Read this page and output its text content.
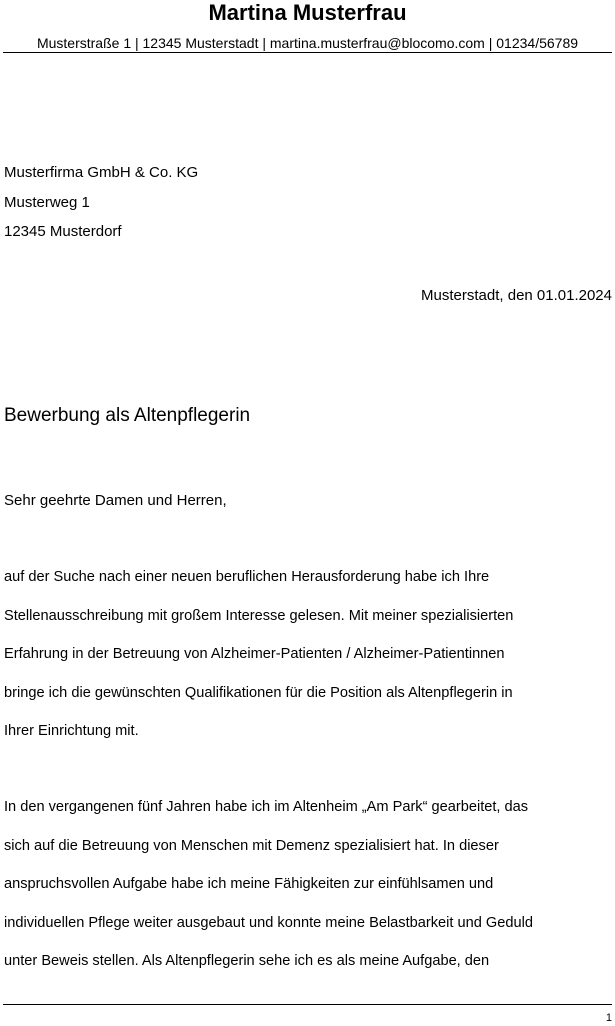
Martina Musterfrau
Musterstraße 1 | 12345 Musterstadt | martina.musterfrau@blocomo.com | 01234/56789
Musterfirma GmbH & Co. KG
Musterweg 1
12345 Musterdorf
Musterstadt, den 01.01.2024
Bewerbung als Altenpflegerin
Sehr geehrte Damen und Herren,
auf der Suche nach einer neuen beruflichen Herausforderung habe ich Ihre
Stellenausschreibung mit großem Interesse gelesen. Mit meiner spezialisierten
Erfahrung in der Betreuung von Alzheimer-Patienten / Alzheimer-Patientinnen
bringe ich die gewünschten Qualifikationen für die Position als Altenpflegerin in
Ihrer Einrichtung mit.
In den vergangenen fünf Jahren habe ich im Altenheim „Am Park“ gearbeitet, das
sich auf die Betreuung von Menschen mit Demenz spezialisiert hat. In dieser
anspruchsvollen Aufgabe habe ich meine Fähigkeiten zur einfühlsamen und
individuellen Pflege weiter ausgebaut und konnte meine Belastbarkeit und Geduld
unter Beweis stellen. Als Altenpflegerin sehe ich es als meine Aufgabe, den
1
